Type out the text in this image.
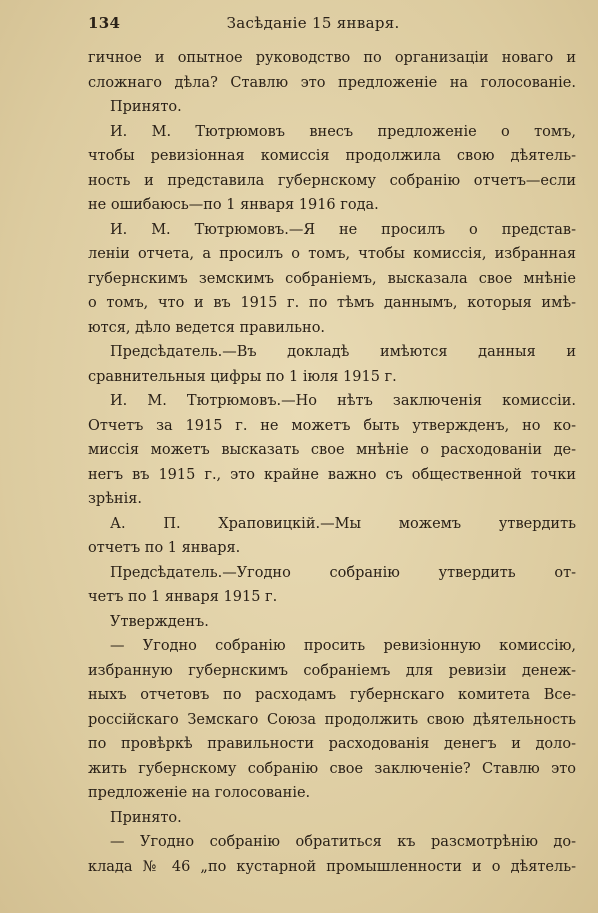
134	Засѣданіе 15 января.
гичное и опытное руководство по организаціи новаго и
сложнаго дѣла? Ставлю это предложеніе на голосованіе.
Принято.
И. М. Тютрюмовъ внесъ предложеніе о томъ,
чтобы ревизіонная комиссія продолжила свою дѣятель-
ность и представила губернскому собранію отчетъ—если
не ошибаюсь—по 1 января 1916 года.
И. М. Тютрюмовъ.—Я не просилъ о представ-
леніи отчета, а просилъ о томъ, чтобы комиссія, избранная
губернскимъ земскимъ собраніемъ, высказала свое мнѣніе
о томъ, что и въ 1915 г. по тѣмъ даннымъ, которыя имѣ-
ются, дѣло ведется правильно.
Предсѣдатель.—Въ докладѣ имѣются данныя и
сравнительныя цифры по 1 іюля 1915 г.
И. М. Тютрюмовъ.—Но нѣтъ заключенія комиссіи.
Отчетъ за 1915 г. не можетъ быть утвержденъ, но ко-
миссія можетъ высказать свое мнѣніе о расходованіи де-
негъ въ 1915 г., это крайне важно съ общественной точки
зрѣнія.
А. П. Храповицкій.—Мы можемъ утвердить
отчетъ по 1 января.
Предсѣдатель.—Угодно собранію утвердить от-
четъ по 1 января 1915 г.
Утвержденъ.
— Угодно собранію просить ревизіонную комиссію,
избранную губернскимъ собраніемъ для ревизіи денеж-
ныхъ отчетовъ по расходамъ губернскаго комитета Все-
россійскаго Земскаго Союза продолжить свою дѣятельность
по провѣркѣ правильности расходованія денегъ и доло-
жить губернскому собранію свое заключеніе? Ставлю это
предложеніе на голосованіе.
Принято.
— Угодно собранію обратиться къ разсмотрѣнію до-
клада № 46 „по кустарной промышленности и о дѣятель-
